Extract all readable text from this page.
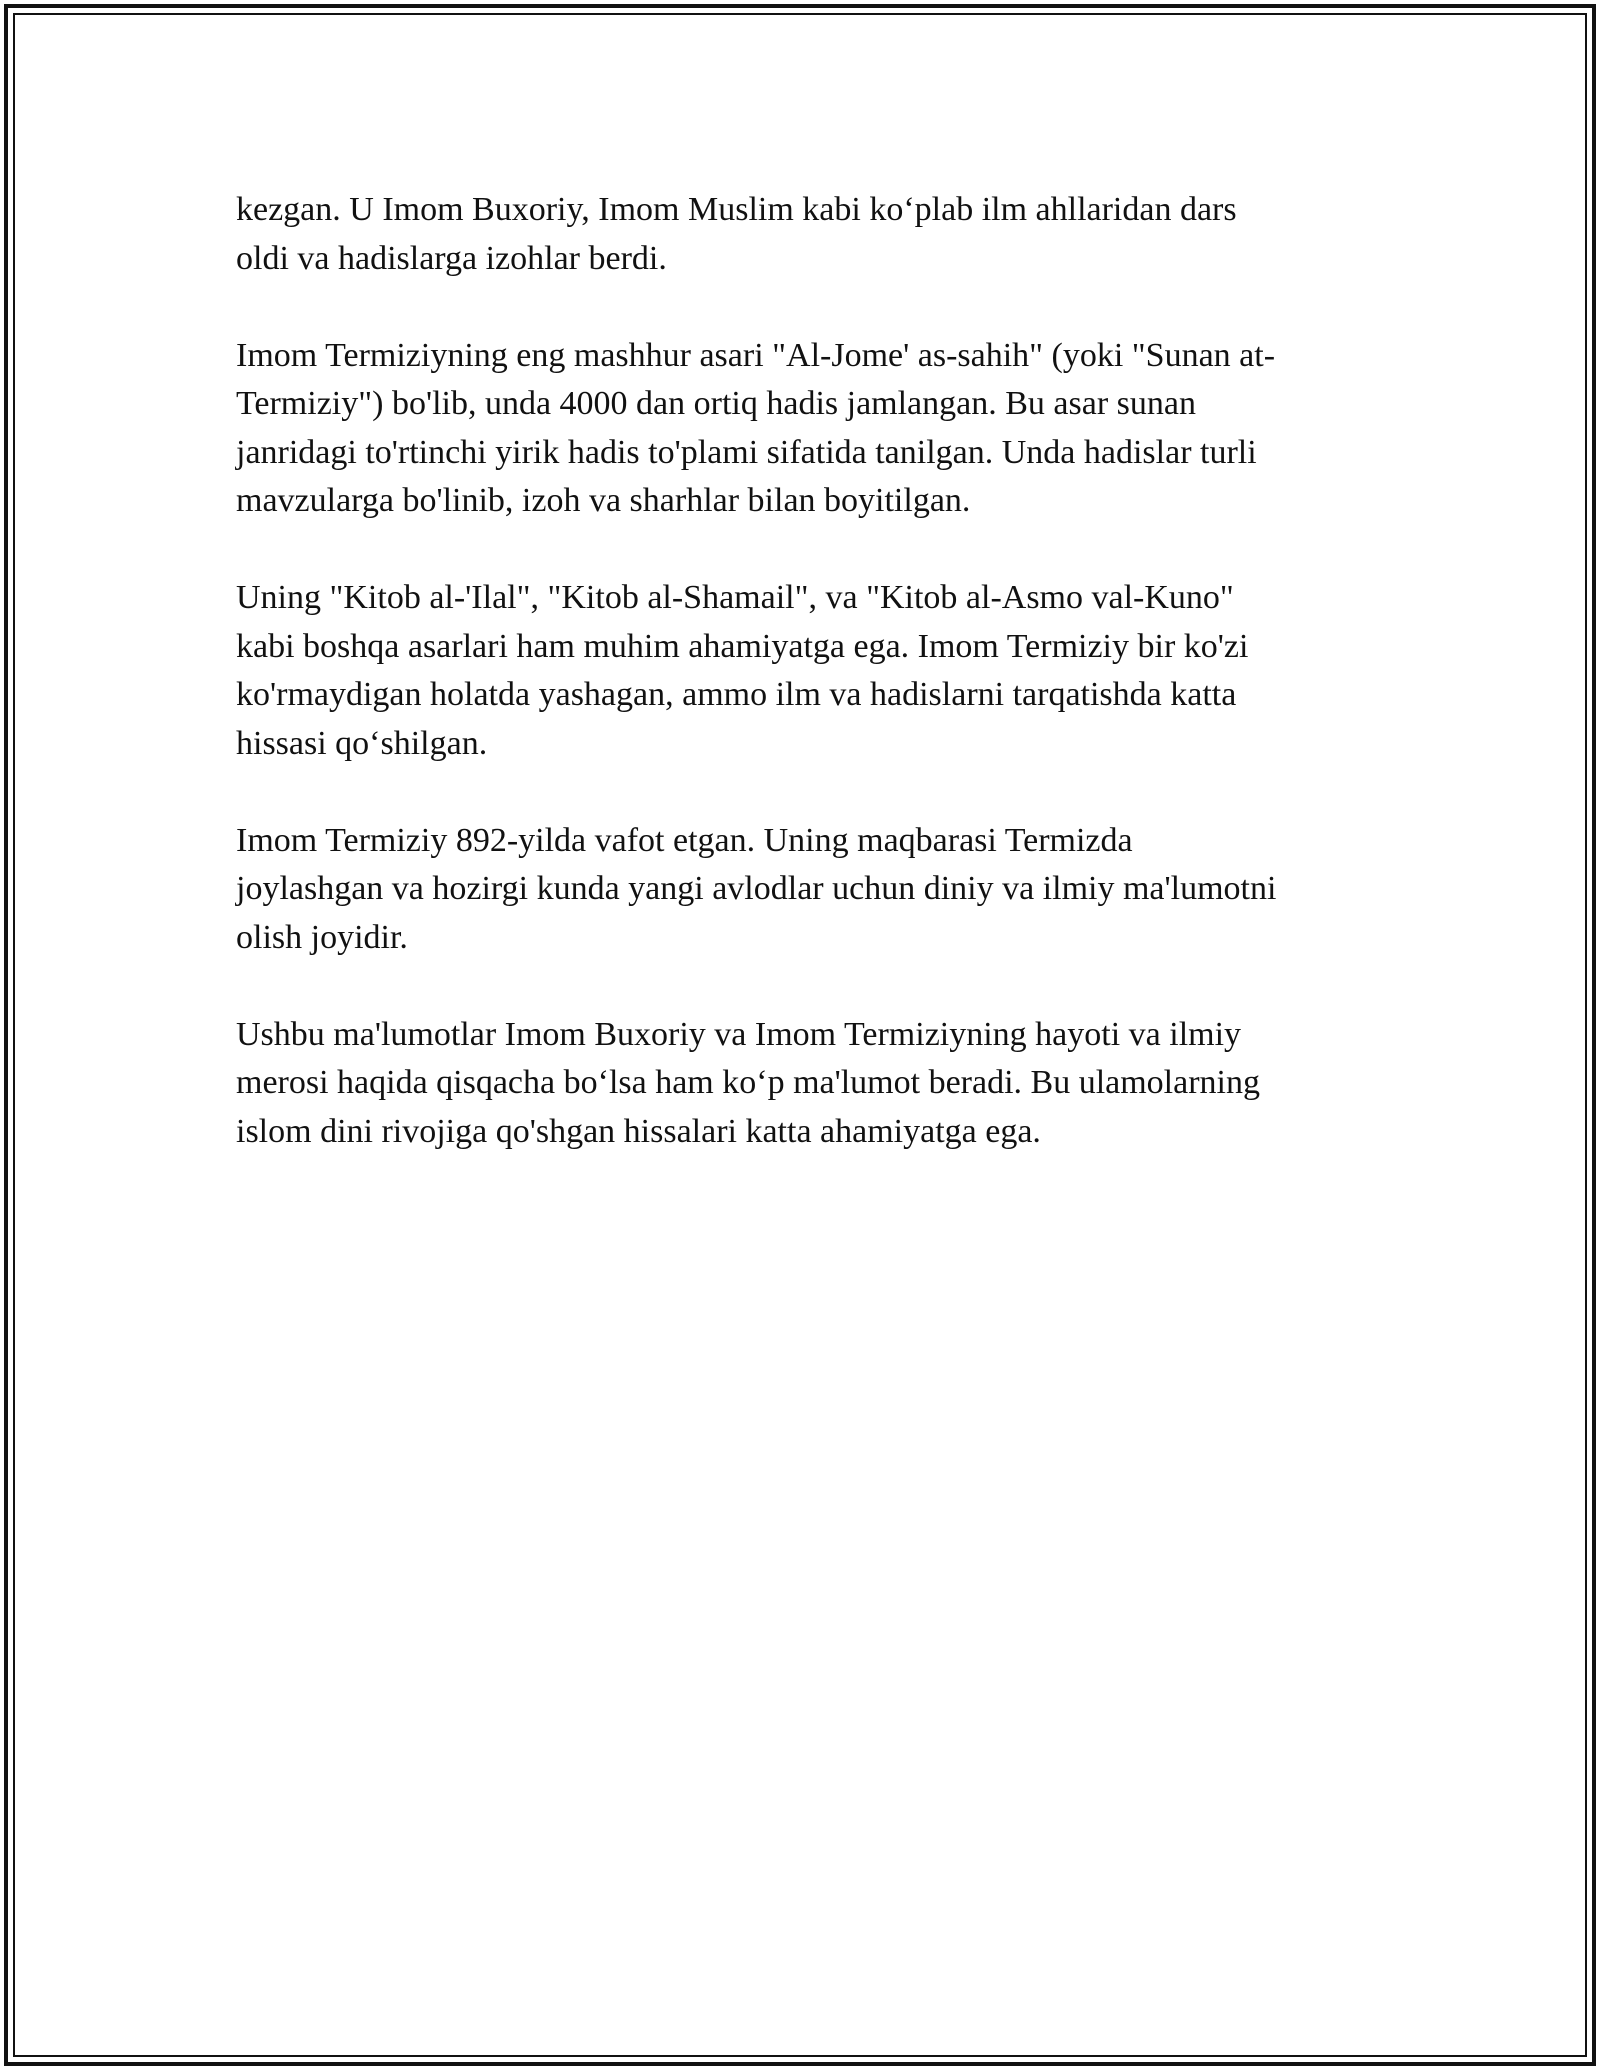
kezgan. U Imom Buxoriy, Imom Muslim kabi ko‘plab ilm ahllaridan dars
oldi va hadislarga izohlar berdi.

Imom Termiziyning eng mashhur asari "Al-Jome' as-sahih" (yoki "Sunan at-
Termiziy") bo'lib, unda 4000 dan ortiq hadis jamlangan. Bu asar sunan
janridagi to'rtinchi yirik hadis to'plami sifatida tanilgan. Unda hadislar turli
mavzularga bo'linib, izoh va sharhlar bilan boyitilgan.

Uning "Kitob al-'Ilal", "Kitob al-Shamail", va "Kitob al-Asmo val-Kuno"
kabi boshqa asarlari ham muhim ahamiyatga ega. Imom Termiziy bir ko'zi
ko'rmaydigan holatda yashagan, ammo ilm va hadislarni tarqatishda katta
hissasi qo‘shilgan.

Imom Termiziy 892-yilda vafot etgan. Uning maqbarasi Termizda
joylashgan va hozirgi kunda yangi avlodlar uchun diniy va ilmiy ma'lumotni
olish joyidir.

Ushbu ma'lumotlar Imom Buxoriy va Imom Termiziyning hayoti va ilmiy
merosi haqida qisqacha bo‘lsa ham ko‘p ma'lumot beradi. Bu ulamolarning
islom dini rivojiga qo'shgan hissalari katta ahamiyatga ega.
